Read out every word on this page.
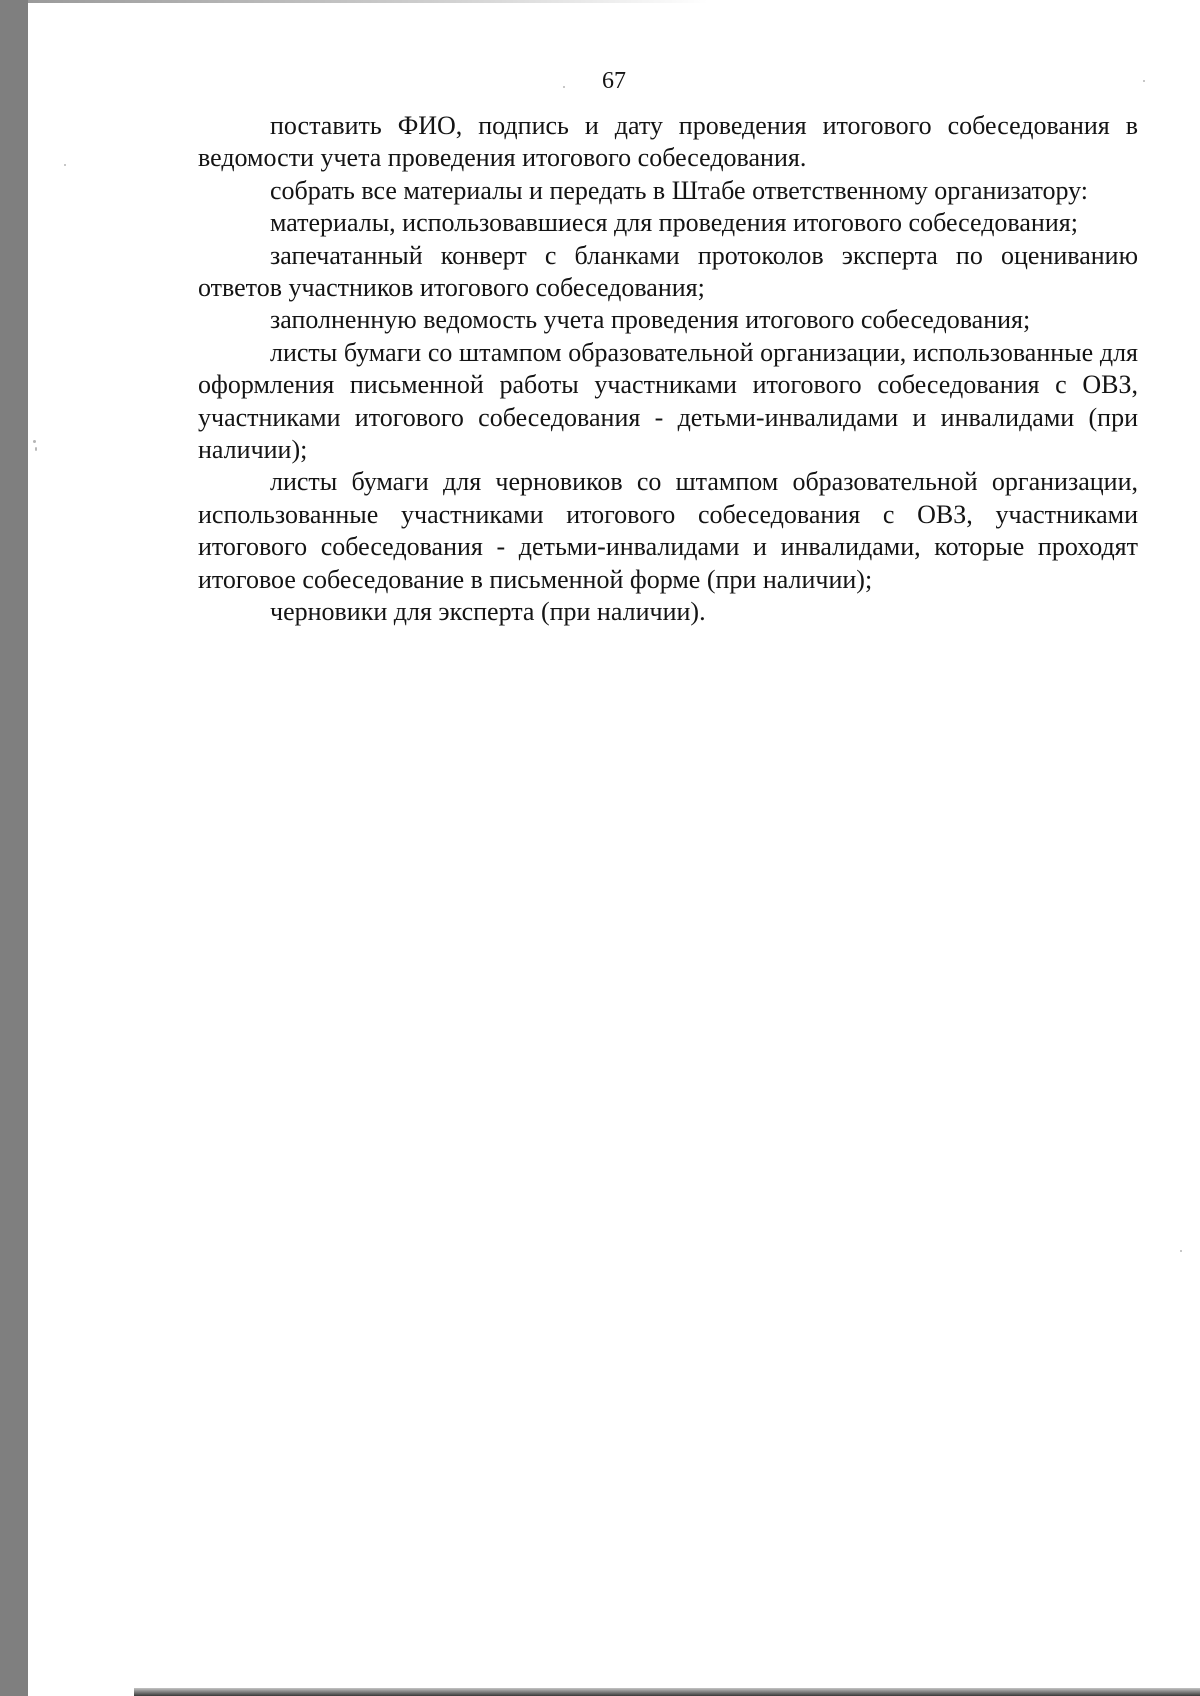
67

поставить ФИО, подпись и дату проведения итогового собеседования в ведомости учета проведения итогового собеседования.

собрать все материалы и передать в Штабе ответственному организатору:

материалы, использовавшиеся для проведения итогового собеседования;

запечатанный конверт с бланками протоколов эксперта по оцениванию ответов участников итогового собеседования;

заполненную ведомость учета проведения итогового собеседования;

листы бумаги со штампом образовательной организации, использованные для оформления письменной работы участниками итогового собеседования с ОВЗ, участниками итогового собеседования - детьми-инвалидами и инвалидами (при наличии);

листы бумаги для черновиков со штампом образовательной организации, использованные участниками итогового собеседования с ОВЗ, участниками итогового собеседования - детьми-инвалидами и инвалидами, которые проходят итоговое собеседование в письменной форме (при наличии);

черновики для эксперта (при наличии).
